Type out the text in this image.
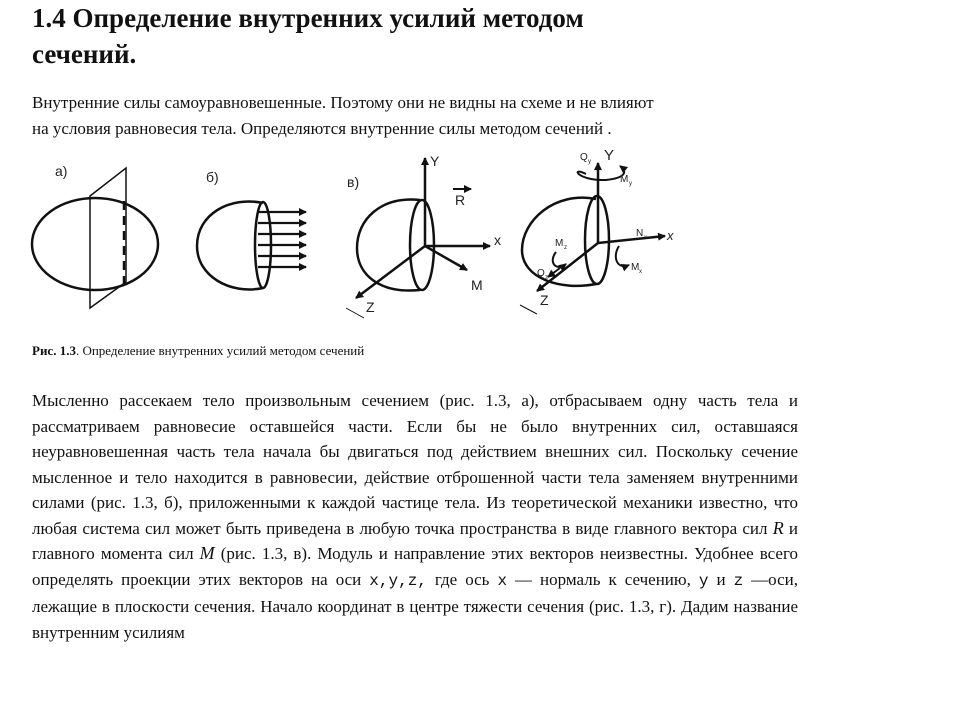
1.4 Определение внутренних усилий методом
сечений.

Внутренние силы самоуравновешенные. Поэтому они не видны на схеме и не влияют
на условия равновесия тела. Определяются внутренние силы методом сечений .

а)	б)	в)
Y
x
Z
R
M
Q y Y
M y
x
N x
M x
Z
M z
Q z

Рис. 1.3. Определение внутренних усилий методом сечений

Мысленно рассекаем тело произвольным сечением (рис. 1.3, а), отбрасываем одну часть тела и рассматриваем равновесие оставшейся части. Если бы не было внутренних сил, оставшаяся неуравновешенная часть тела начала бы двигаться под действием внешних сил. Поскольку сечение мысленное и тело находится в равновесии, действие отброшенной части тела заменяем внутренними силами (рис. 1.3, б), приложенными к каждой частице тела. Из теоретической механики известно, что любая система сил может быть приведена в любую точка пространства в виде главного вектора сил R и главного момента сил M (рис. 1.3, в). Модуль и направление этих векторов неизвестны. Удобнее всего определять проекции этих векторов на оси x,y,z, где ось x — нормаль к сечению, y и z —оси, лежащие в плоскости сечения. Начало координат в центре тяжести сечения (рис. 1.3, г). Дадим название внутренним усилиям
